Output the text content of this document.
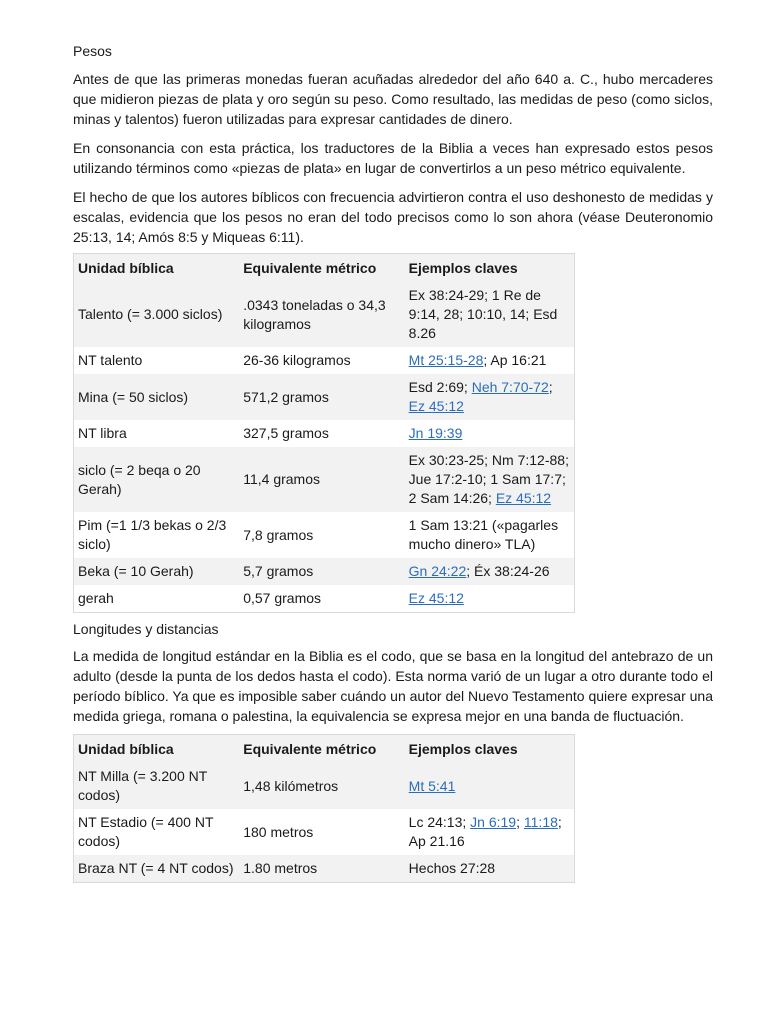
Pesos

Antes de que las primeras monedas fueran acuñadas alrededor del año 640 a. C., hubo mercaderes que midieron piezas de plata y oro según su peso. Como resultado, las medidas de peso (como siclos, minas y talentos) fueron utilizadas para expresar cantidades de dinero.

En consonancia con esta práctica, los traductores de la Biblia a veces han expresado estos pesos utilizando términos como «piezas de plata» en lugar de convertirlos a un peso métrico equivalente.

El hecho de que los autores bíblicos con frecuencia advirtieron contra el uso deshonesto de medidas y escalas, evidencia que los pesos no eran del todo precisos como lo son ahora (véase Deuteronomio 25:13, 14; Amós 8:5 y Miqueas 6:11).

Unidad bíblica	Equivalente métrico	Ejemplos claves
Talento (= 3.000 siclos)	.0343 toneladas o 34,3 kilogramos	Ex 38:24-29; 1 Re de 9:14, 28; 10:10, 14; Esd 8.26
NT talento	26-36 kilogramos	Mt 25:15-28; Ap 16:21
Mina (= 50 siclos)	571,2 gramos	Esd 2:69; Neh 7:70-72; Ez 45:12
NT libra	327,5 gramos	Jn 19:39
siclo (= 2 beqa o 20 Gerah)	11,4 gramos	Ex 30:23-25; Nm 7:12-88; Jue 17:2-10; 1 Sam 17:7; 2 Sam 14:26; Ez 45:12
Pim (=1 1/3 bekas o 2/3 siclo)	7,8 gramos	1 Sam 13:21 («pagarles mucho dinero» TLA)
Beka (= 10 Gerah)	5,7 gramos	Gn 24:22; Éx 38:24-26
gerah	0,57 gramos	Ez 45:12

Longitudes y distancias

La medida de longitud estándar en la Biblia es el codo, que se basa en la longitud del antebrazo de un adulto (desde la punta de los dedos hasta el codo). Esta norma varió de un lugar a otro durante todo el período bíblico. Ya que es imposible saber cuándo un autor del Nuevo Testamento quiere expresar una medida griega, romana o palestina, la equivalencia se expresa mejor en una banda de fluctuación.

Unidad bíblica	Equivalente métrico	Ejemplos claves
NT Milla (= 3.200 NT codos)	1,48 kilómetros	Mt 5:41
NT Estadio (= 400 NT codos)	180 metros	Lc 24:13; Jn 6:19; 11:18; Ap 21.16
Braza NT (= 4 NT codos)	1.80 metros	Hechos 27:28
